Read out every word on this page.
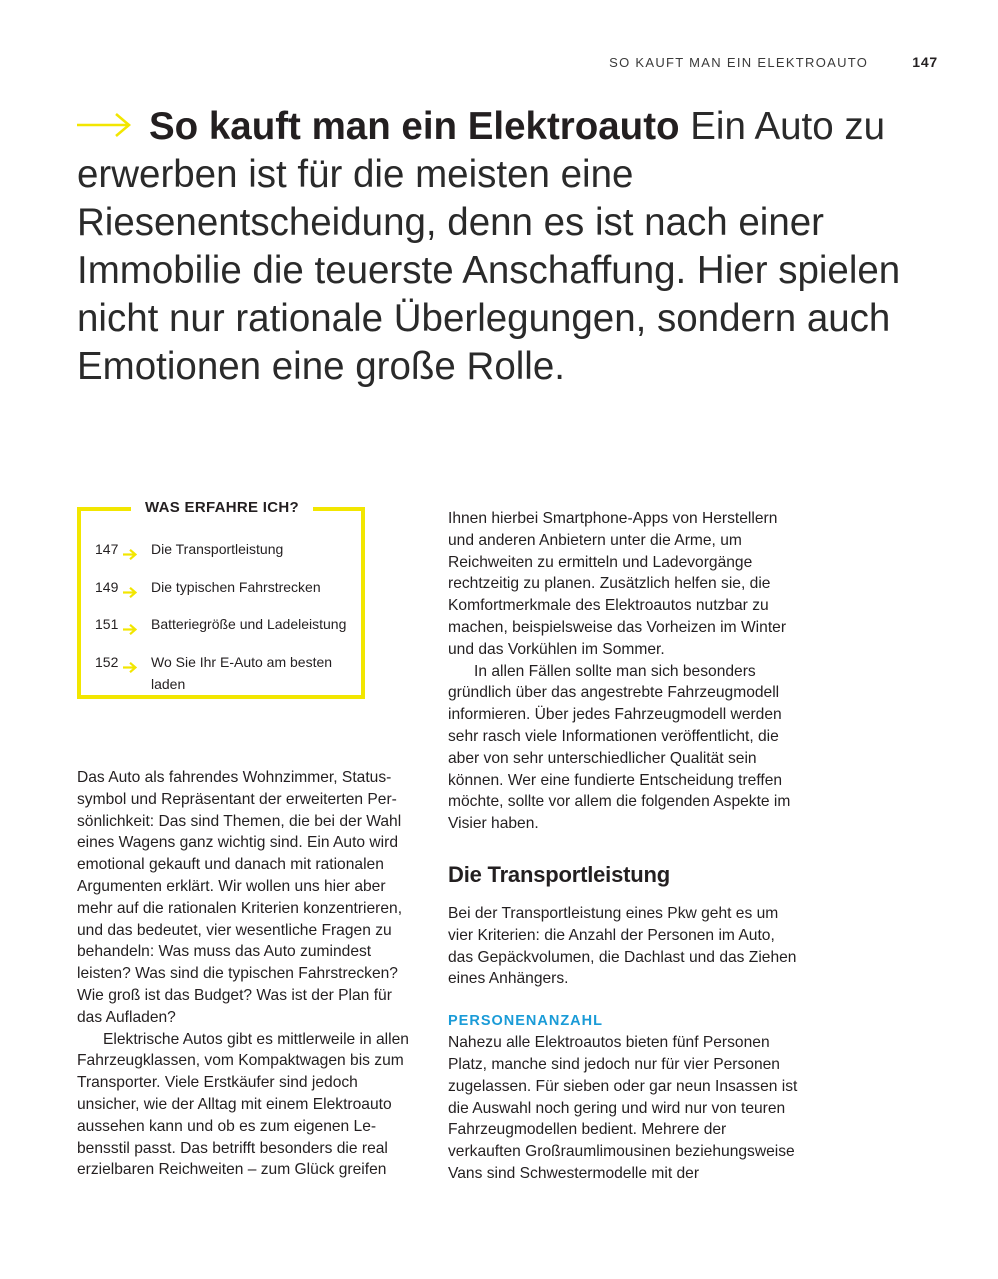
SO KAUFT MAN EIN ELEKTROAUTO	147

So kauft man ein Elektroauto Ein Auto zu erwerben ist für die meisten eine Riesenentscheidung, denn es ist nach einer Immobilie die teuerste Anschaffung. Hier spielen nicht nur rationale Überlegungen, sondern auch Emotionen eine große Rolle.

WAS ERFAHRE ICH?
147	Die Transportleistung
149	Die typischen Fahrstrecken
151	Batteriegröße und Ladeleistung
152	Wo Sie Ihr E-Auto am besten laden

Das Auto als fahrendes Wohnzimmer, Statussymbol und Repräsentant der erweiterten Persönlichkeit: Das sind Themen, die bei der Wahl eines Wagens ganz wichtig sind. Ein Auto wird emotional gekauft und danach mit rationalen Argumenten erklärt. Wir wollen uns hier aber mehr auf die rationalen Kriterien konzentrieren, und das bedeutet, vier wesentliche Fragen zu behandeln: Was muss das Auto zumindest leisten? Was sind die typischen Fahrstrecken? Wie groß ist das Budget? Was ist der Plan für das Aufladen?

Elektrische Autos gibt es mittlerweile in allen Fahrzeugklassen, vom Kompaktwagen bis zum Transporter. Viele Erstkäufer sind jedoch unsicher, wie der Alltag mit einem Elektroauto aussehen kann und ob es zum eigenen Lebensstil passt. Das betrifft besonders die real erzielbaren Reichweiten – zum Glück greifen

Ihnen hierbei Smartphone-Apps von Herstellern und anderen Anbietern unter die Arme, um Reichweiten zu ermitteln und Ladevorgänge rechtzeitig zu planen. Zusätzlich helfen sie, die Komfortmerkmale des Elektroautos nutzbar zu machen, beispielsweise das Vorheizen im Winter und das Vorkühlen im Sommer.

In allen Fällen sollte man sich besonders gründlich über das angestrebte Fahrzeugmodell informieren. Über jedes Fahrzeugmodell werden sehr rasch viele Informationen veröffentlicht, die aber von sehr unterschiedlicher Qualität sein können. Wer eine fundierte Entscheidung treffen möchte, sollte vor allem die folgenden Aspekte im Visier haben.

Die Transportleistung

Bei der Transportleistung eines Pkw geht es um vier Kriterien: die Anzahl der Personen im Auto, das Gepäckvolumen, die Dachlast und das Ziehen eines Anhängers.

PERSONENANZAHL

Nahezu alle Elektroautos bieten fünf Personen Platz, manche sind jedoch nur für vier Personen zugelassen. Für sieben oder gar neun Insassen ist die Auswahl noch gering und wird nur von teuren Fahrzeugmodellen bedient. Mehrere der verkauften Großraumlimousinen beziehungsweise Vans sind Schwestermodelle mit der
